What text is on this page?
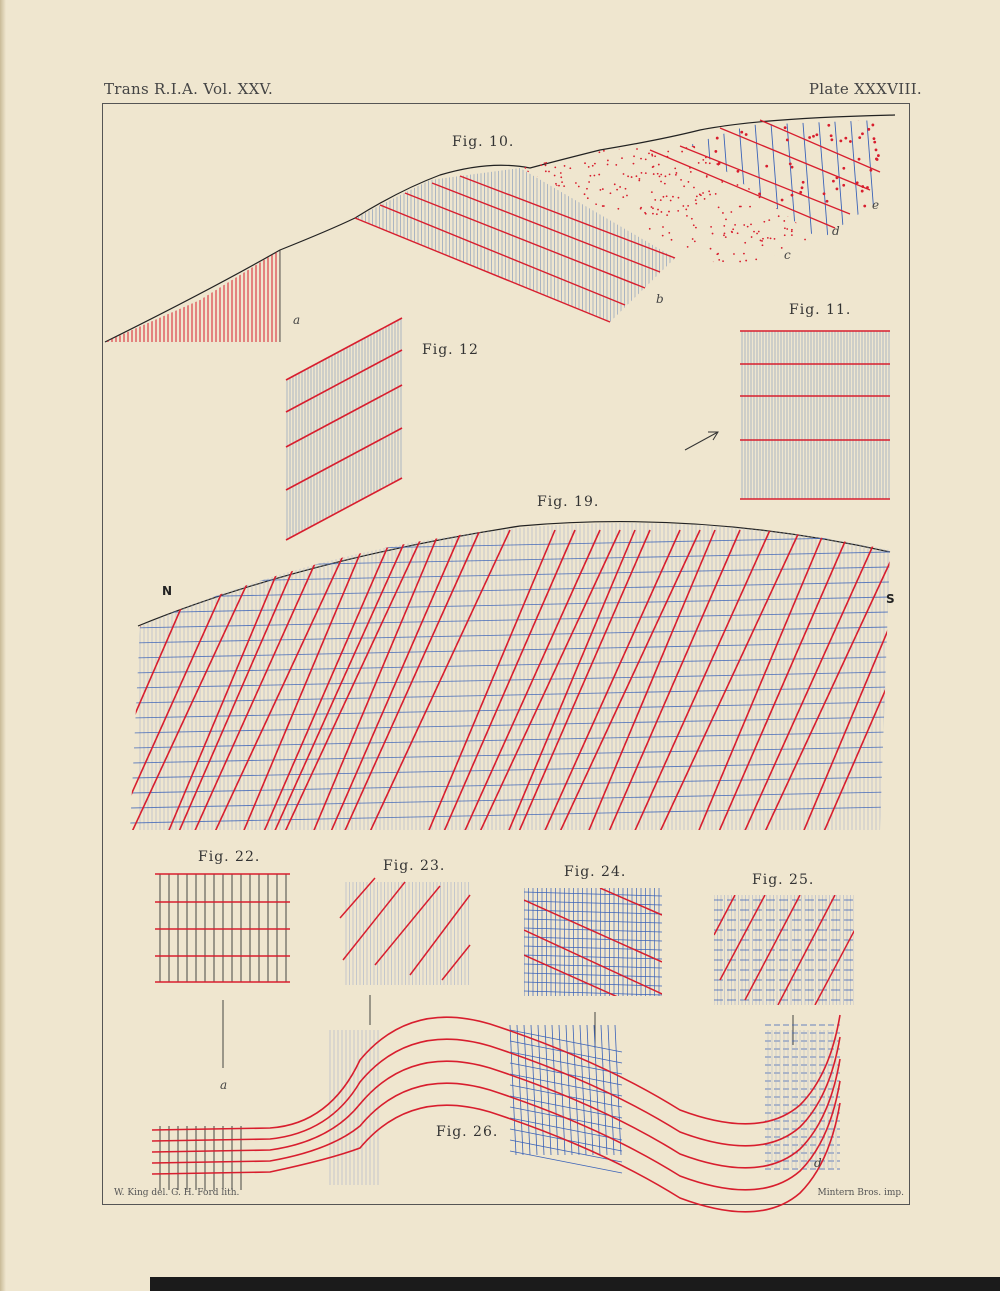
Trans R.I.A. Vol. XXV.	Plate XXXVIII.
Fig. 10.
a
b
c
d
e
Fig. 11.
Fig. 12
Fig. 19.
N
S
Fig. 22.
Fig. 23.	Fig. 24.	Fig. 25.
Fig. 26.
a
d
W. King del. G. H. Ford lith.	Mintern Bros. imp.
